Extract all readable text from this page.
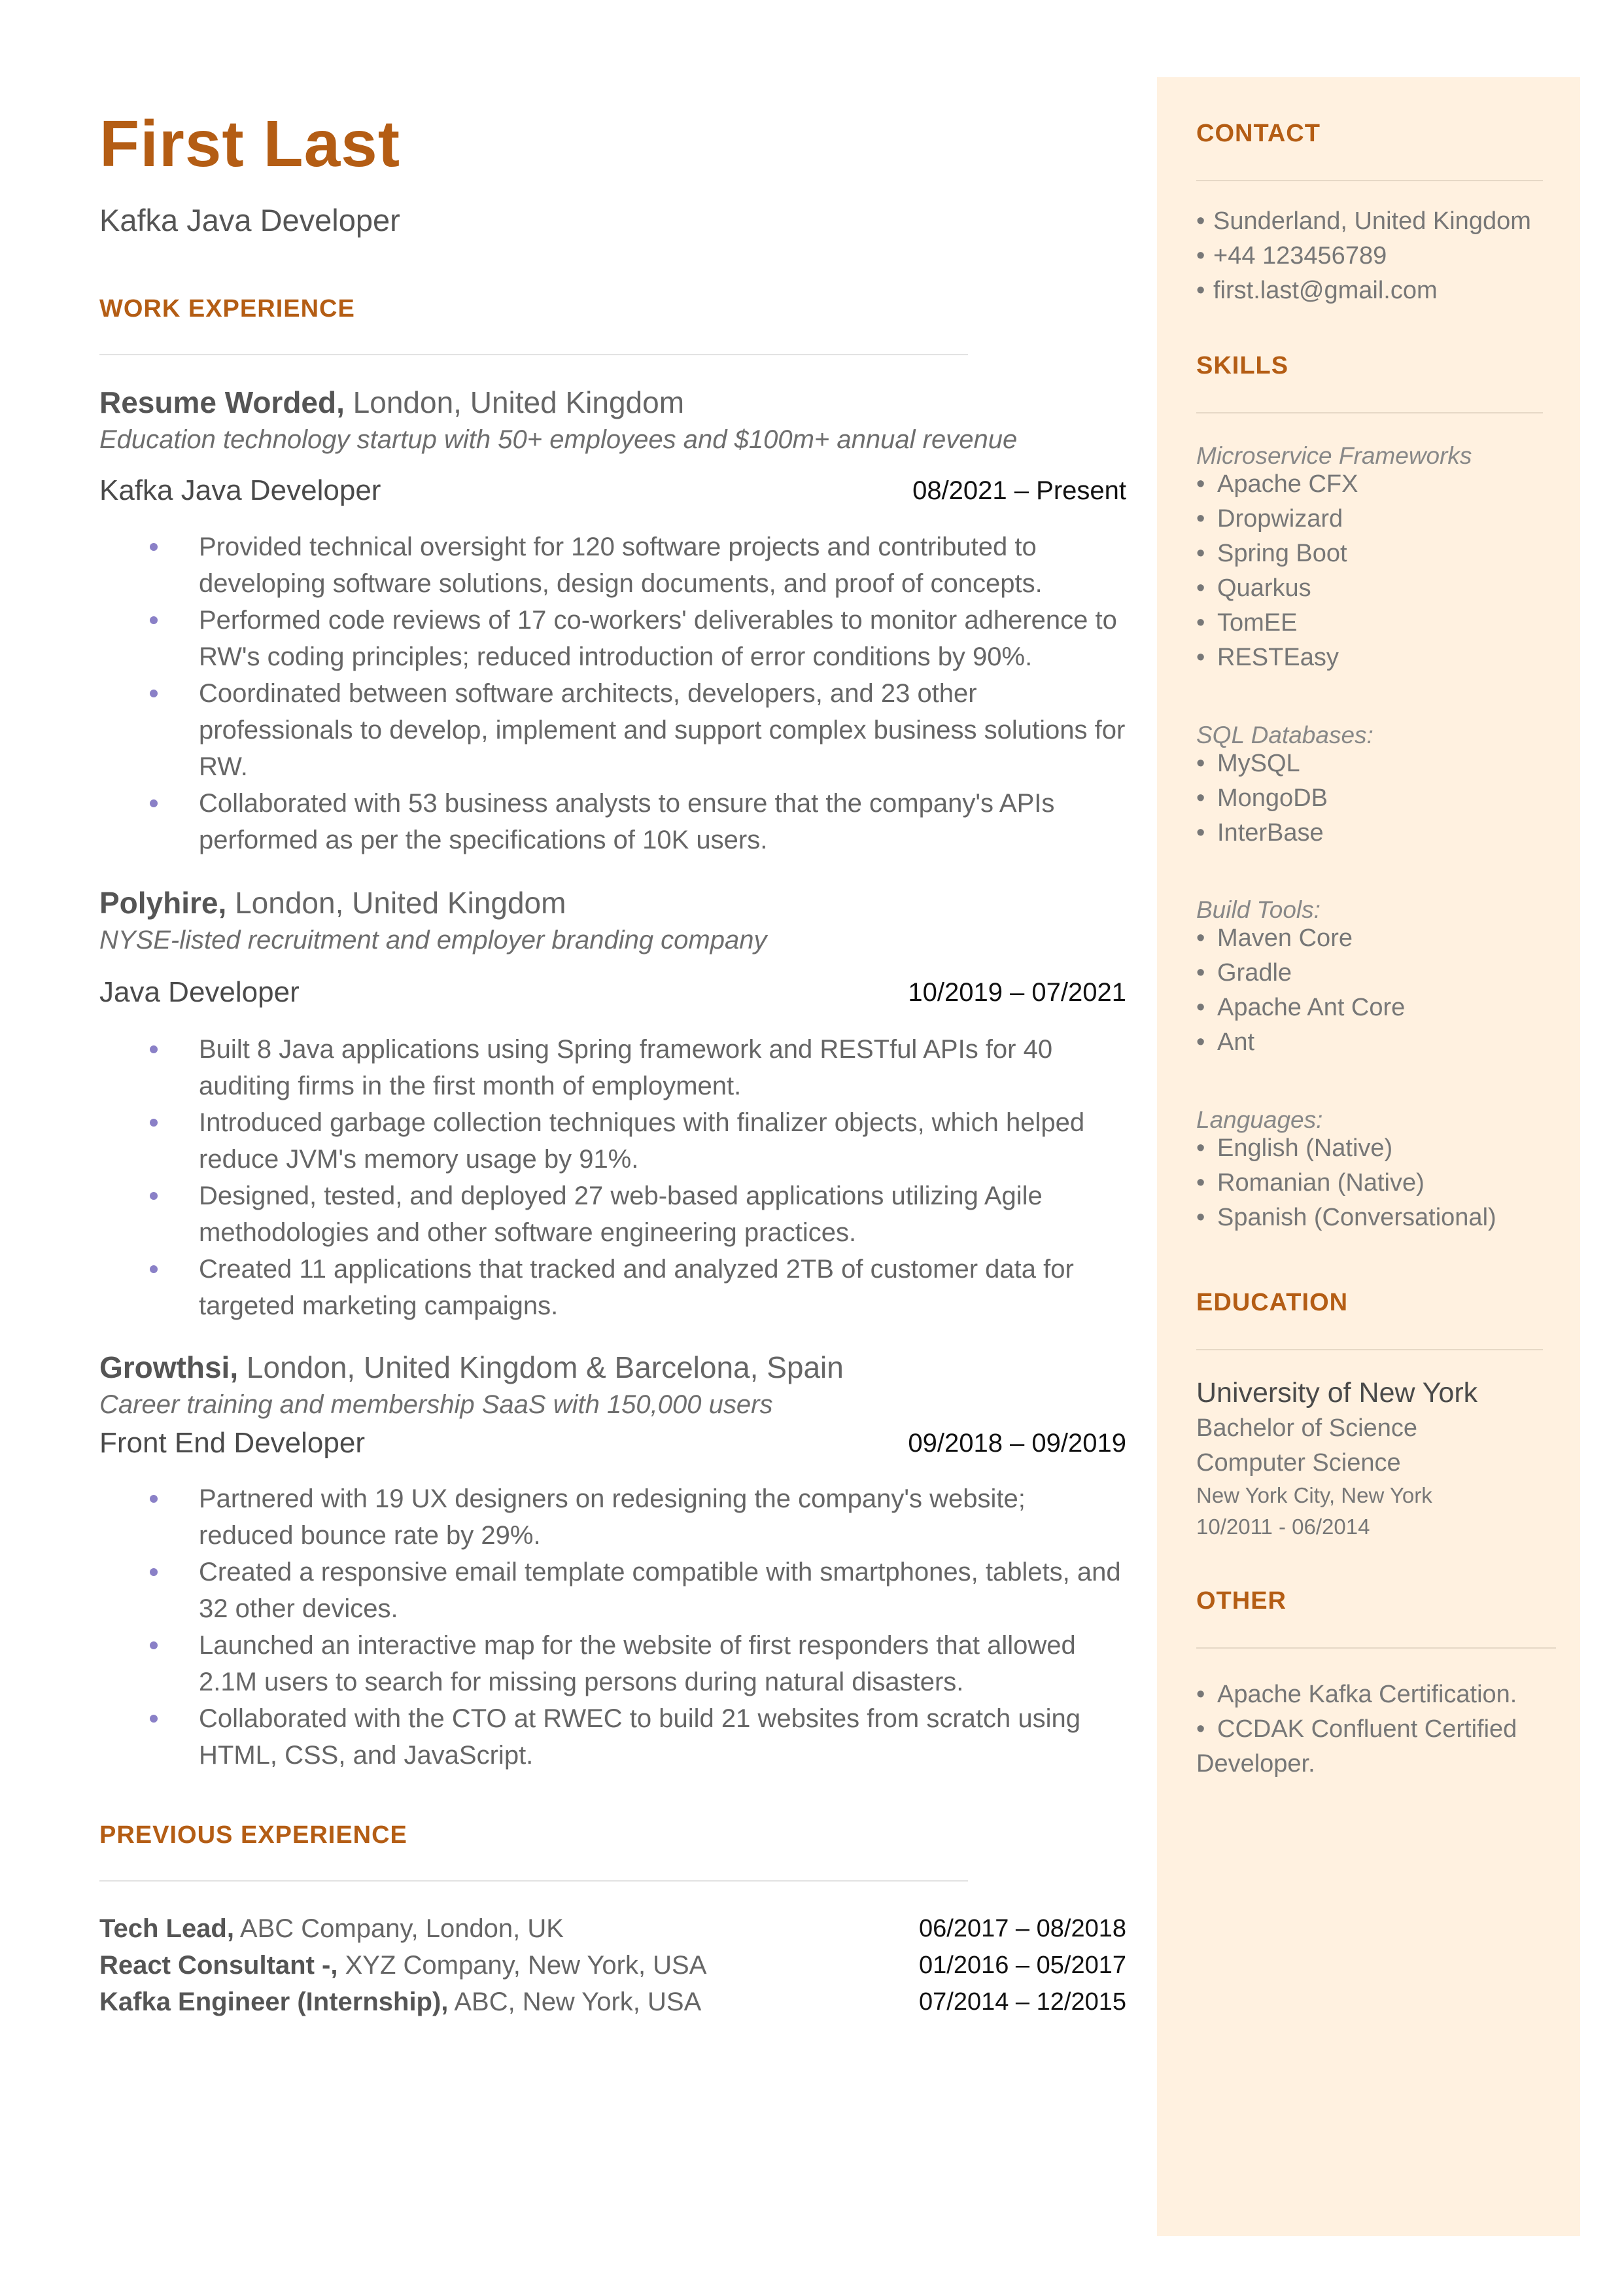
First Last
Kafka Java Developer
WORK EXPERIENCE
Resume Worded, London, United Kingdom
Education technology startup with 50+ employees and $100m+ annual revenue
Kafka Java Developer	08/2021 – Present
Provided technical oversight for 120 software projects and contributed to developing software solutions, design documents, and proof of concepts.
Performed code reviews of 17 co-workers' deliverables to monitor adherence to RW's coding principles; reduced introduction of error conditions by 90%.
Coordinated between software architects, developers, and 23 other professionals to develop, implement and support complex business solutions for RW.
Collaborated with 53 business analysts to ensure that the company's APIs performed as per the specifications of 10K users.
Polyhire, London, United Kingdom
NYSE-listed recruitment and employer branding company
Java Developer	10/2019 – 07/2021
Built 8 Java applications using Spring framework and RESTful APIs for 40 auditing firms in the first month of employment.
Introduced garbage collection techniques with finalizer objects, which helped reduce JVM's memory usage by 91%.
Designed, tested, and deployed 27 web-based applications utilizing Agile methodologies and other software engineering practices.
Created 11 applications that tracked and analyzed 2TB of customer data for targeted marketing campaigns.
Growthsi, London, United Kingdom & Barcelona, Spain
Career training and membership SaaS with 150,000 users
Front End Developer	09/2018 – 09/2019
Partnered with 19 UX designers on redesigning the company's website; reduced bounce rate by 29%.
Created a responsive email template compatible with smartphones, tablets, and 32 other devices.
Launched an interactive map for the website of first responders that allowed 2.1M users to search for missing persons during natural disasters.
Collaborated with the CTO at RWEC to build 21 websites from scratch using HTML, CSS, and JavaScript.
PREVIOUS EXPERIENCE
Tech Lead, ABC Company, London, UK	06/2017 – 08/2018
React Consultant -, XYZ Company, New York, USA	01/2016 – 05/2017
Kafka Engineer (Internship), ABC, New York, USA	07/2014 – 12/2015
CONTACT
• Sunderland, United Kingdom
• +44 123456789
• first.last@gmail.com
SKILLS
Microservice Frameworks
• Apache CFX
• Dropwizard
• Spring Boot
• Quarkus
• TomEE
• RESTEasy
SQL Databases:
• MySQL
• MongoDB
• InterBase
Build Tools:
• Maven Core
• Gradle
• Apache Ant Core
• Ant
Languages:
• English (Native)
• Romanian (Native)
• Spanish (Conversational)
EDUCATION
University of New York
Bachelor of Science
Computer Science
New York City, New York
10/2011 - 06/2014
OTHER
• Apache Kafka Certification.
• CCDAK Confluent Certified Developer.
